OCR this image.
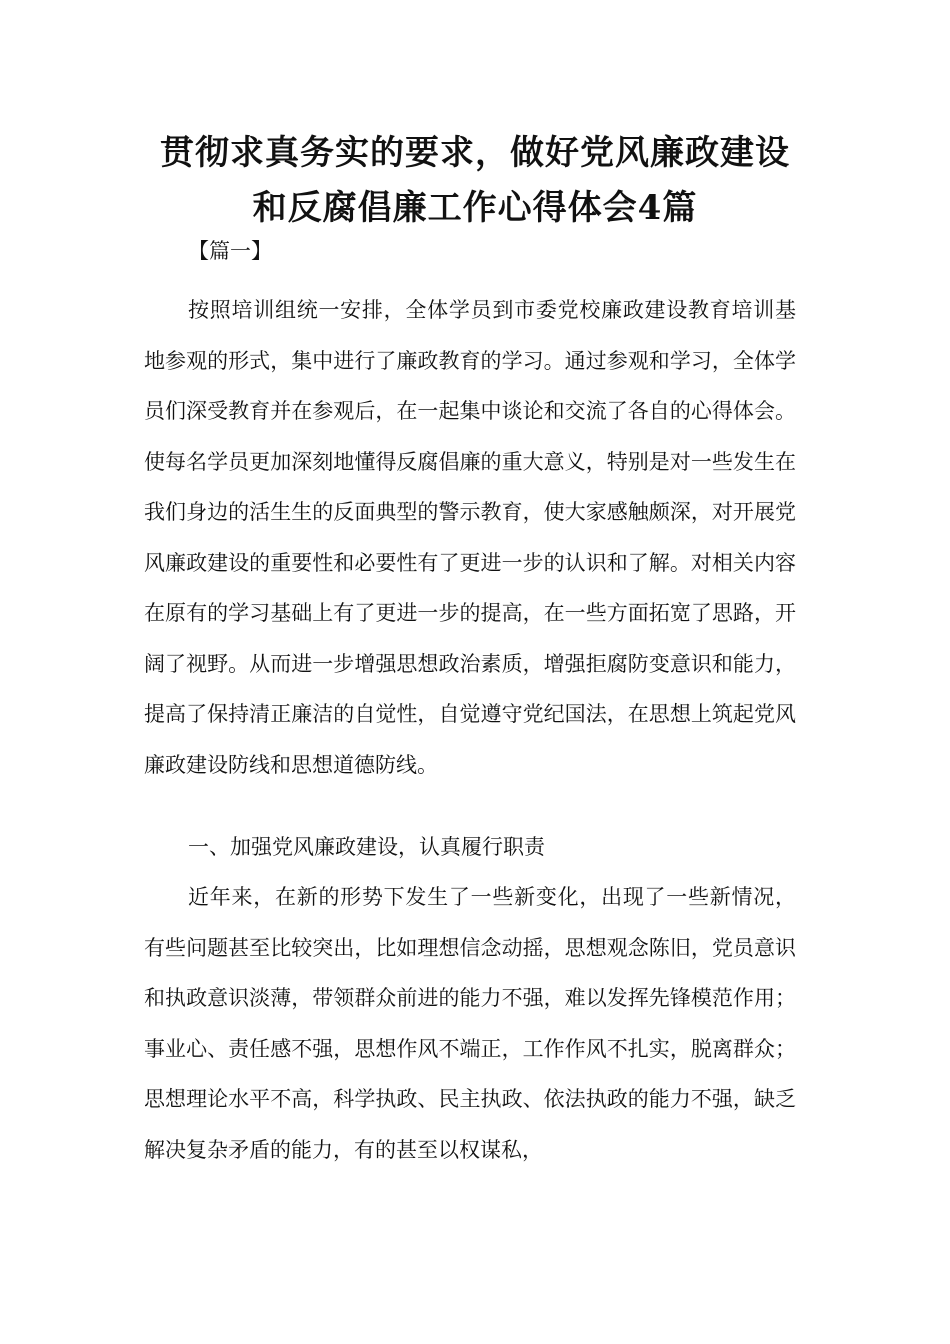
贯彻求真务实的要求，做好党风廉政建设
和反腐倡廉工作心得体会4篇

【篇一】

按照培训组统一安排，全体学员到市委党校廉政建设教育培训基地参观的形式，集中进行了廉政教育的学习。通过参观和学习，全体学员们深受教育并在参观后，在一起集中谈论和交流了各自的心得体会。使每名学员更加深刻地懂得反腐倡廉的重大意义，特别是对一些发生在我们身边的活生生的反面典型的警示教育，使大家感触颇深，对开展党风廉政建设的重要性和必要性有了更进一步的认识和了解。对相关内容在原有的学习基础上有了更进一步的提高，在一些方面拓宽了思路，开阔了视野。从而进一步增强思想政治素质，增强拒腐防变意识和能力，提高了保持清正廉洁的自觉性，自觉遵守党纪国法，在思想上筑起党风廉政建设防线和思想道德防线。

一、加强党风廉政建设，认真履行职责

近年来，在新的形势下发生了一些新变化，出现了一些新情况，有些问题甚至比较突出，比如理想信念动摇，思想观念陈旧，党员意识和执政意识淡薄，带领群众前进的能力不强，难以发挥先锋模范作用；事业心、责任感不强，思想作风不端正，工作作风不扎实，脱离群众；思想理论水平不高，科学执政、民主执政、依法执政的能力不强，缺乏解决复杂矛盾的能力，有的甚至以权谋私，
